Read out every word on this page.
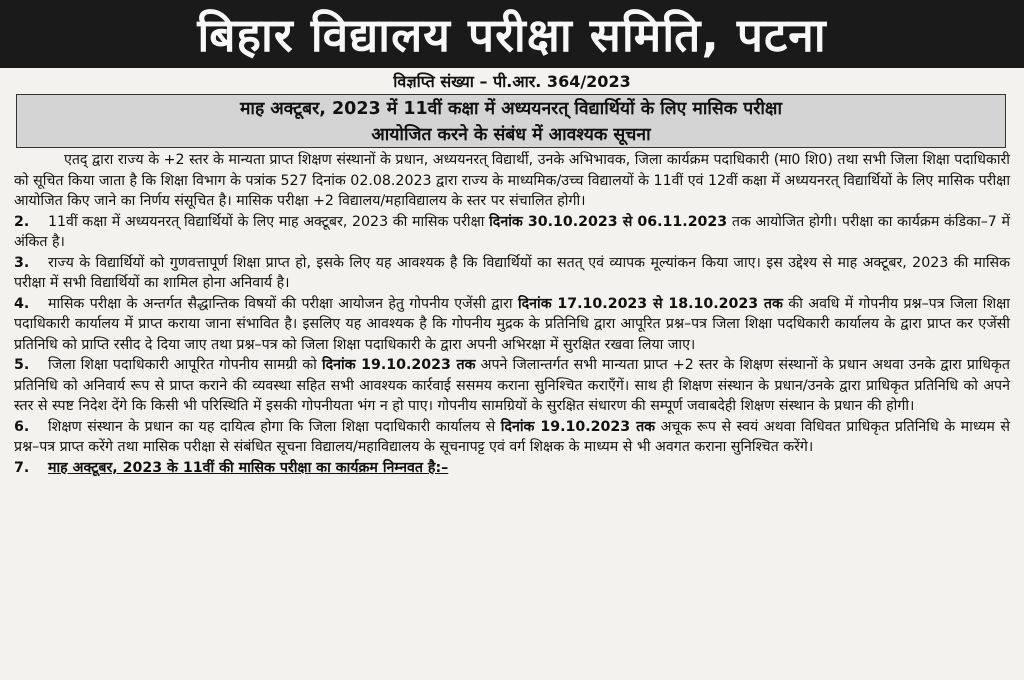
बिहार विद्यालय परीक्षा समिति, पटना
विज्ञप्ति संख्या – पी.आर. 364/2023
माह अक्टूबर, 2023 में 11वीं कक्षा में अध्ययनरत् विद्यार्थियों के लिए मासिक परीक्षा
आयोजित करने के संबंध में आवश्यक सूचना

एतद् द्वारा राज्य के +2 स्तर के मान्यता प्राप्त शिक्षण संस्थानों के प्रधान, अध्ययनरत् विद्यार्थी, उनके अभिभावक, जिला कार्यक्रम पदाधिकारी (मा0 शि0) तथा सभी जिला शिक्षा पदाधिकारी को सूचित किया जाता है कि शिक्षा विभाग के पत्रांक 527 दिनांक 02.08.2023 द्वारा राज्य के माध्यमिक/उच्च विद्यालयों के 11वीं एवं 12वीं कक्षा में अध्ययनरत् विद्यार्थियों के लिए मासिक परीक्षा आयोजित किए जाने का निर्णय संसूचित है। मासिक परीक्षा +2 विद्यालय/महाविद्यालय के स्तर पर संचालित होगी।

2. 11वीं कक्षा में अध्ययनरत् विद्यार्थियों के लिए माह अक्टूबर, 2023 की मासिक परीक्षा दिनांक 30.10.2023 से 06.11.2023 तक आयोजित होगी। परीक्षा का कार्यक्रम कंडिका–7 में अंकित है।

3. राज्य के विद्यार्थियों को गुणवत्तापूर्ण शिक्षा प्राप्त हो, इसके लिए यह आवश्यक है कि विद्यार्थियों का सतत् एवं व्यापक मूल्यांकन किया जाए। इस उद्देश्य से माह अक्टूबर, 2023 की मासिक परीक्षा में सभी विद्यार्थियों का शामिल होना अनिवार्य है।

4. मासिक परीक्षा के अन्तर्गत सैद्धान्तिक विषयों की परीक्षा आयोजन हेतु गोपनीय एजेंसी द्वारा दिनांक 17.10.2023 से 18.10.2023 तक की अवधि में गोपनीय प्रश्न–पत्र जिला शिक्षा पदाधिकारी कार्यालय में प्राप्त कराया जाना संभावित है। इसलिए यह आवश्यक है कि गोपनीय मुद्रक के प्रतिनिधि द्वारा आपूरित प्रश्न–पत्र जिला शिक्षा पदधिकारी कार्यालय के द्वारा प्राप्त कर एजेंसी प्रतिनिधि को प्राप्ति रसीद दे दिया जाए तथा प्रश्न–पत्र को जिला शिक्षा पदाधिकारी के द्वारा अपनी अभिरक्षा में सुरक्षित रखवा लिया जाए।

5. जिला शिक्षा पदाधिकारी आपूरित गोपनीय सामग्री को दिनांक 19.10.2023 तक अपने जिलान्तर्गत सभी मान्यता प्राप्त +2 स्तर के शिक्षण संस्थानों के प्रधान अथवा उनके द्वारा प्राधिकृत प्रतिनिधि को अनिवार्य रूप से प्राप्त कराने की व्यवस्था सहित सभी आवश्यक कार्रवाई ससमय कराना सुनिश्चित कराएँगें। साथ ही शिक्षण संस्थान के प्रधान/उनके द्वारा प्राधिकृत प्रतिनिधि को अपने स्तर से स्पष्ट निदेश देंगे कि किसी भी परिस्थिति में इसकी गोपनीयता भंग न हो पाए। गोपनीय सामग्रियों के सुरक्षित संधारण की सम्पूर्ण जवाबदेही शिक्षण संस्थान के प्रधान की होगी।

6. शिक्षण संस्थान के प्रधान का यह दायित्व होगा कि जिला शिक्षा पदाधिकारी कार्यालय से दिनांक 19.10.2023 तक अचूक रूप से स्वयं अथवा विधिवत प्राधिकृत प्रतिनिधि के माध्यम से प्रश्न–पत्र प्राप्त करेंगे तथा मासिक परीक्षा से संबंधित सूचना विद्यालय/महाविद्यालय के सूचनापट्ट एवं वर्ग शिक्षक के माध्यम से भी अवगत कराना सुनिश्चित करेंगे।

7. माह अक्टूबर, 2023 के 11वीं की मासिक परीक्षा का कार्यक्रम निम्नवत है:–
